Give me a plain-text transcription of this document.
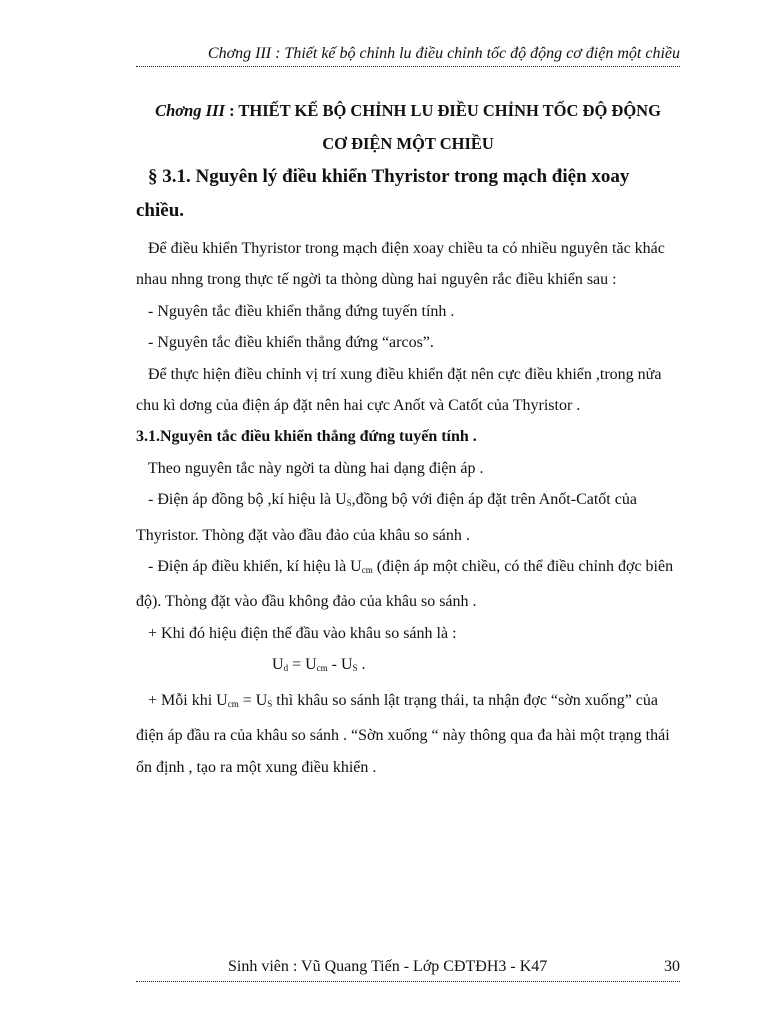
Chơng III : Thiết kế bộ chỉnh lu điều chỉnh tốc độ động cơ điện một chiều
Chơng III : THIẾT KẾ BỘ CHỈNH LU ĐIỀU CHỈNH TỐC ĐỘ ĐỘNG
CƠ ĐIỆN MỘT CHIỀU
§ 3.1. Nguyên lý điều khiển Thyristor trong mạch điện xoay chiều.

Để điều khiển Thyristor trong mạch điện xoay chiều ta có nhiều nguyên tăc khác nhau nhng trong thực tế ngời ta thòng dùng hai nguyên rắc điều khiển sau :

- Nguyên tắc điều khiển thẳng đứng tuyến tính .

- Nguyên tắc điều khiển thẳng đứng “arcos”.

Để thực hiện điều chỉnh vị trí xung điều khiển đặt nên cực điều khiển ,trong nửa chu kì dơng của điện áp đặt nên hai cực Anốt và Catốt của Thyristor .

3.1.Nguyên tắc điều khiển thẳng đứng tuyến tính .

Theo nguyên tắc này ngời ta dùng hai dạng điện áp .

- Điện áp đồng bộ ,kí hiệu là $U_S,đồng$ bộ với điện áp đặt trên Anốt-Catốt của Thyristor. Thòng đặt vào đầu đảo của khâu so sánh .

- Điện áp điều khiển, kí hiệu là $U_{cm}$ (điện áp một chiều, có thể điều chỉnh đợc biên độ). Thòng đặt vào đầu không đảo của khâu so sánh .

+ Khi đó hiệu điện thế đầu vào khâu so sánh là :

$U_d = U_{cm} - U_S$ .

+ Mỗi khi $U_{cm} = U_S$ thì khâu so sánh lật trạng thái, ta nhận đợc “sờn xuống” của điện áp đầu ra của khâu so sánh . “Sờn xuống “ này thông qua đa hài một trạng thái ổn định , tạo ra một xung điều khiển .

Sinh viên : Vũ Quang Tiến - Lớp CĐTĐH3 - K47	30
